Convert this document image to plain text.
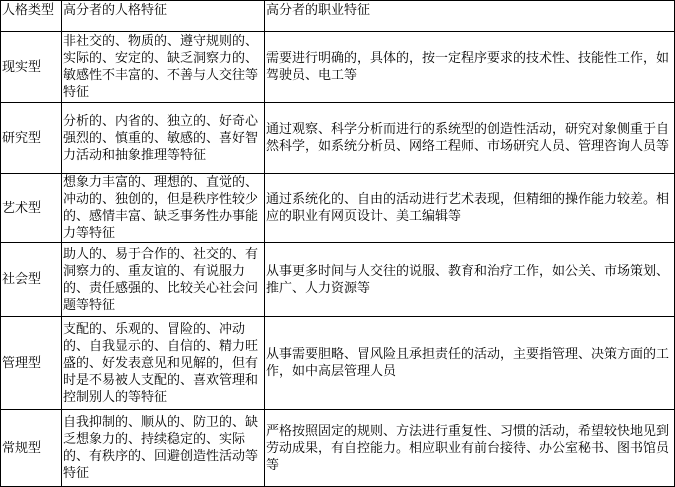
人格类型	高分者的人格特征	高分者的职业特征
现实型	非社交的、物质的、遵守规则的、实际的、安定的、缺乏洞察力的、敏感性不丰富的、不善与人交往等特征	需要进行明确的，具体的，按一定程序要求的技术性、技能性工作，如驾驶员、电工等
研究型	分析的、内省的、独立的、好奇心强烈的、慎重的、敏感的、喜好智力活动和抽象推理等特征	通过观察、科学分析而进行的系统型的创造性活动，研究对象侧重于自然科学，如系统分析员、网络工程师、市场研究人员、管理咨询人员等
艺术型	想象力丰富的、理想的、直觉的、冲动的、独创的，但是秩序性较少的、感情丰富、缺乏事务性办事能力等特征	通过系统化的、自由的活动进行艺术表现，但精细的操作能力较差。相应的职业有网页设计、美工编辑等
社会型	助人的、易于合作的、社交的、有洞察力的、重友谊的、有说服力的、责任感强的、比较关心社会问题等特征	从事更多时间与人交往的说服、教育和治疗工作，如公关、市场策划、推广、人力资源等
管理型	支配的、乐观的、冒险的、冲动的、自我显示的、自信的、精力旺盛的、好发表意见和见解的，但有时是不易被人支配的、喜欢管理和控制别人的等特征	从事需要胆略、冒风险且承担责任的活动，主要指管理、决策方面的工作，如中高层管理人员
常规型	自我抑制的、顺从的、防卫的、缺乏想象力的、持续稳定的、实际的、有秩序的、回避创造性活动等特征	严格按照固定的规则、方法进行重复性、习惯的活动，希望较快地见到劳动成果，有自控能力。相应职业有前台接待、办公室秘书、图书馆员等
